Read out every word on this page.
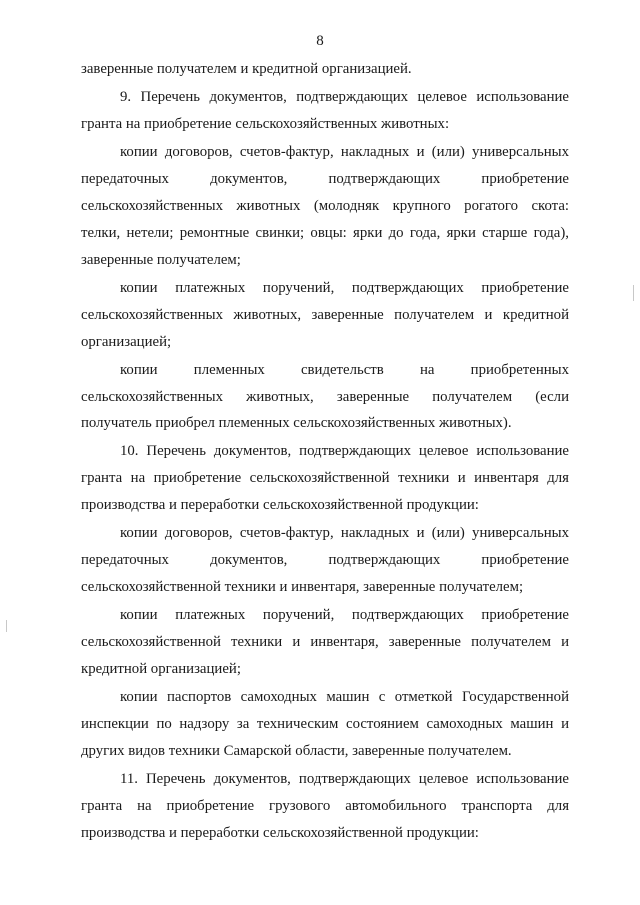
8

заверенные получателем и кредитной организацией.

9. Перечень документов, подтверждающих целевое использование

гранта на приобретение сельскохозяйственных животных:

копии договоров, счетов-фактур, накладных и (или) универсальных

передаточных документов, подтверждающих приобретение

сельскохозяйственных животных (молодняк крупного рогатого скота:

телки, нетели; ремонтные свинки; овцы: ярки до года, ярки старше года),

заверенные получателем;

копии платежных поручений, подтверждающих приобретение

сельскохозяйственных животных, заверенные получателем и кредитной

организацией;

копии племенных свидетельств на приобретенных

сельскохозяйственных животных, заверенные получателем (если

получатель приобрел племенных сельскохозяйственных животных).

10. Перечень документов, подтверждающих целевое использование

гранта на приобретение сельскохозяйственной техники и инвентаря для

производства и переработки сельскохозяйственной продукции:

копии договоров, счетов-фактур, накладных и (или) универсальных

передаточных документов, подтверждающих приобретение

сельскохозяйственной техники и инвентаря, заверенные получателем;

копии платежных поручений, подтверждающих приобретение

сельскохозяйственной техники и инвентаря, заверенные получателем и

кредитной организацией;

копии паспортов самоходных машин с отметкой Государственной

инспекции по надзору за техническим состоянием самоходных машин и

других видов техники Самарской области, заверенные получателем.

11. Перечень документов, подтверждающих целевое использование

гранта на приобретение грузового автомобильного транспорта для

производства и переработки сельскохозяйственной продукции:
